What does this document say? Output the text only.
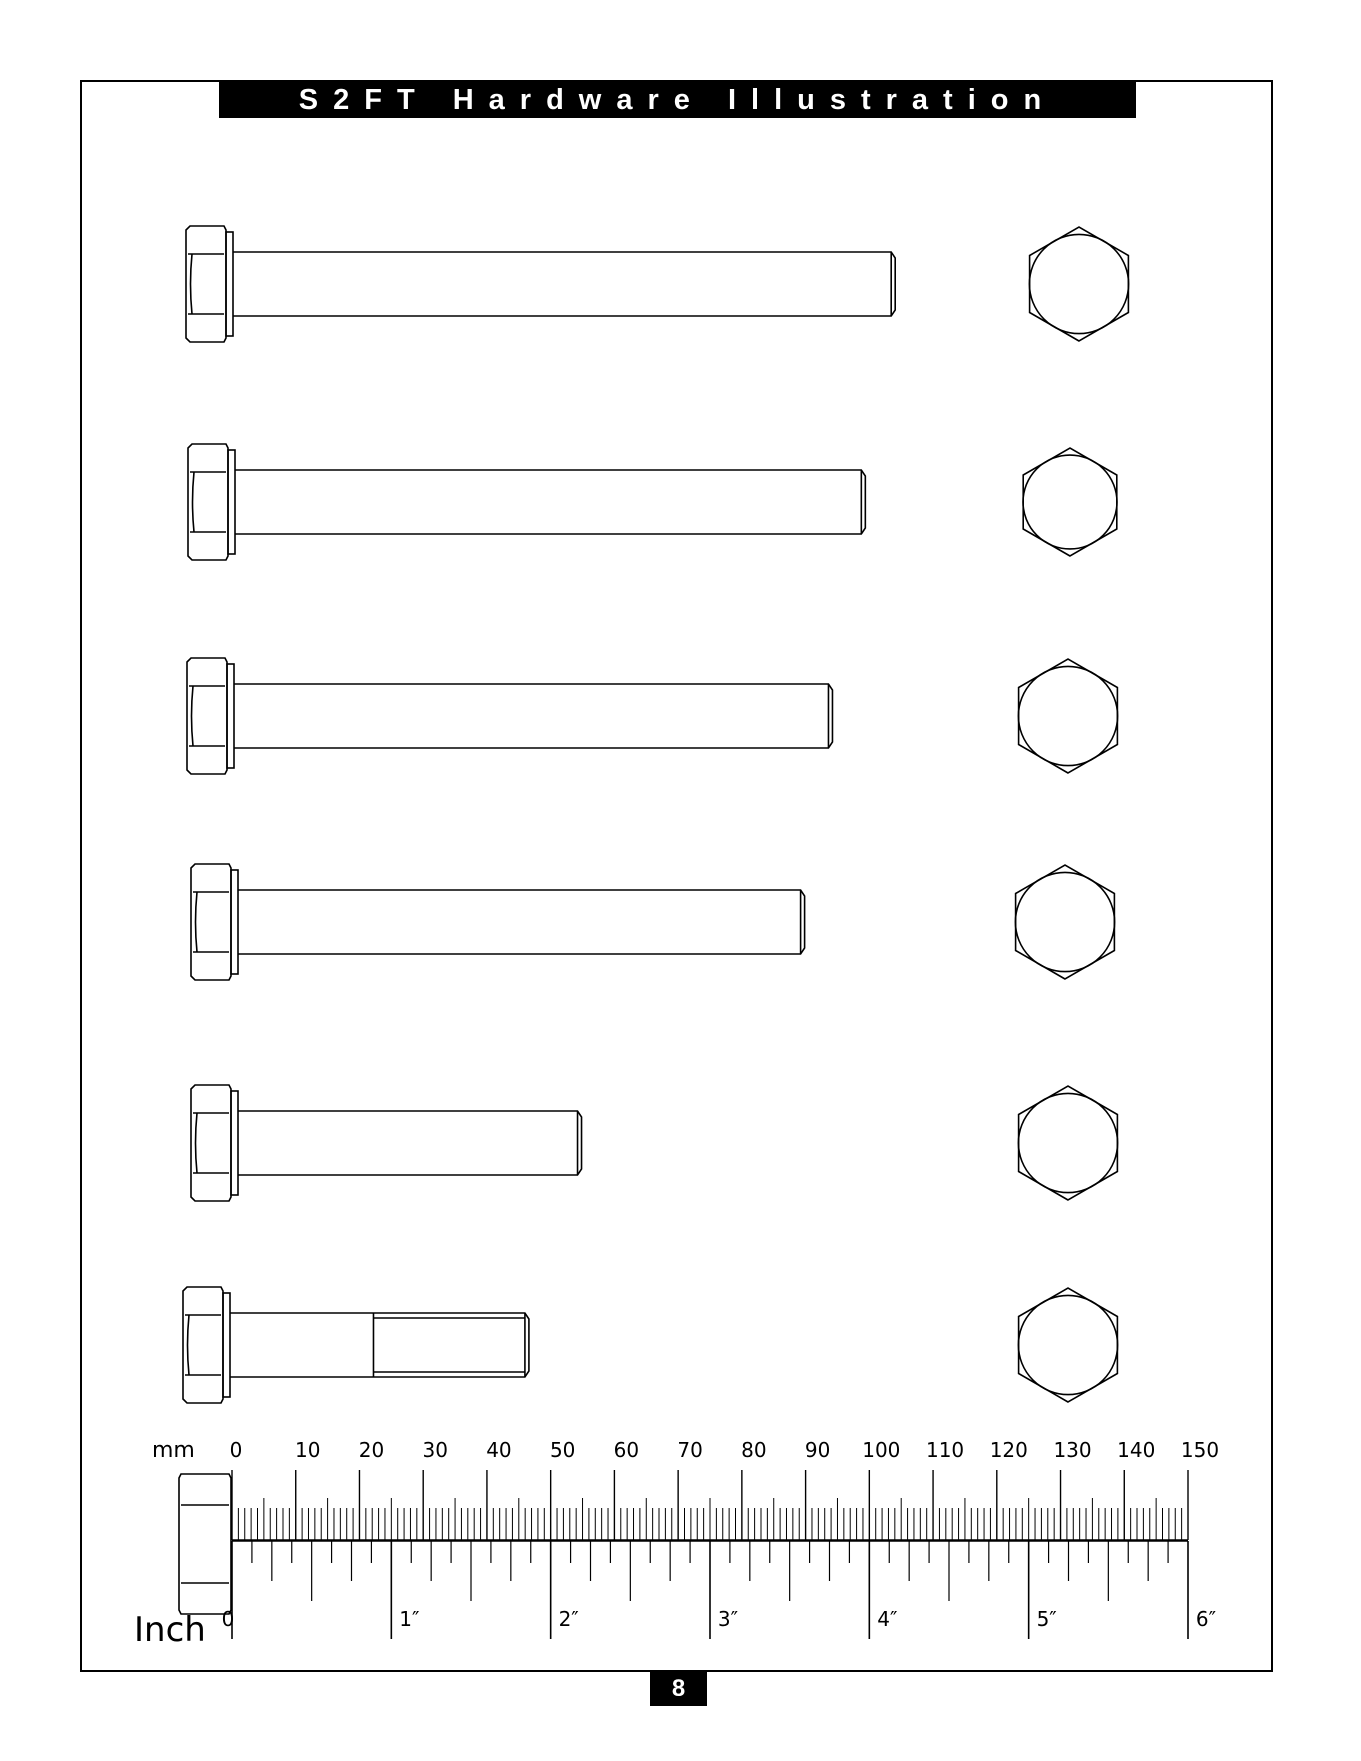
S2FT Hardware Illustration
mm
Inch
0	10 20 30 40 50 60 70 80 90 100 110 120 130 140 150
0	1″	2″	3″	4″	5″	6″
8
